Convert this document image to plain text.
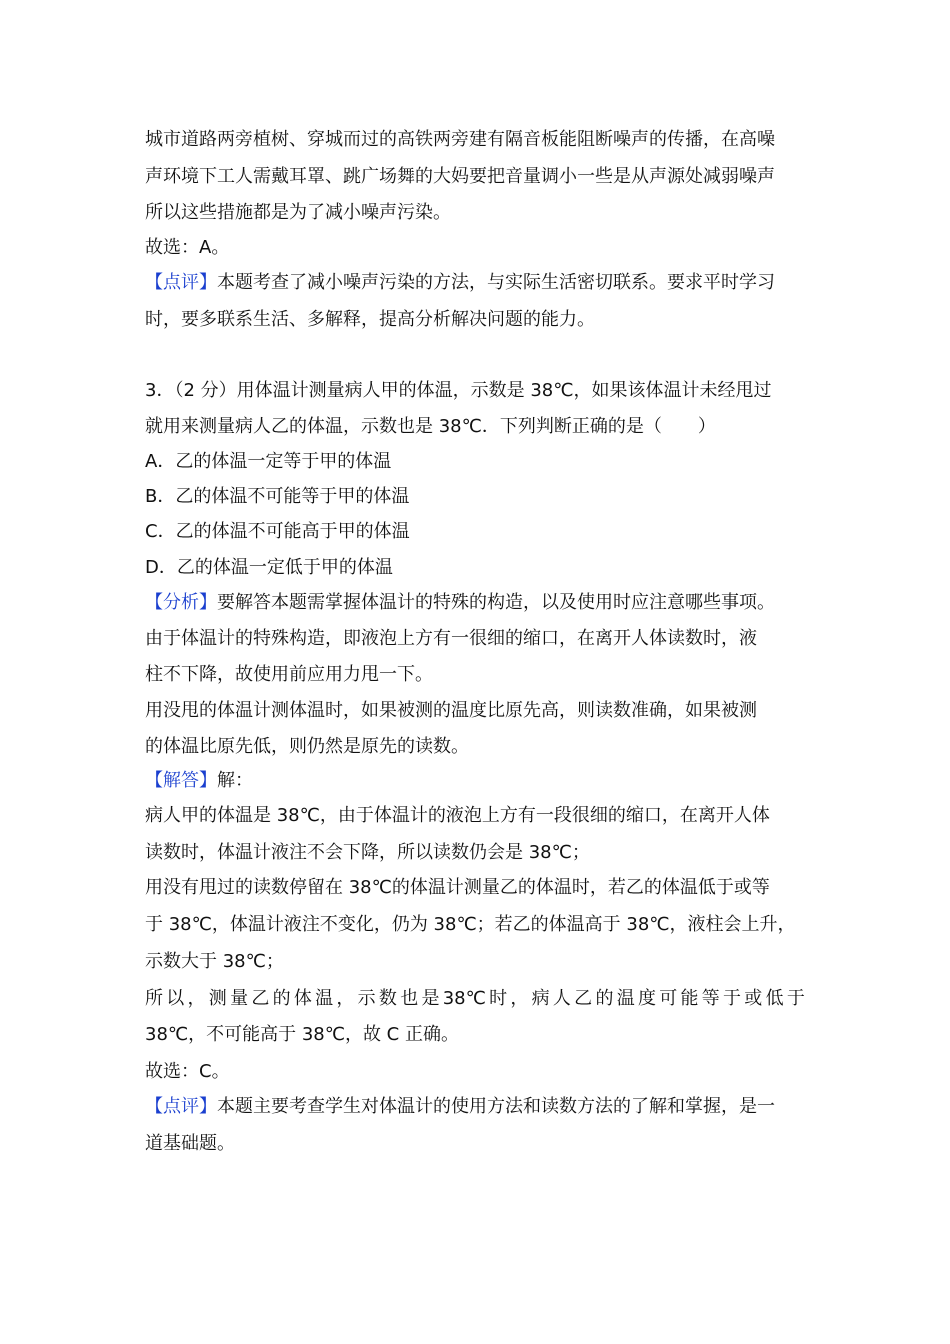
城市道路两旁植树、穿城而过的高铁两旁建有隔音板能阻断噪声的传播，在高噪
声环境下工人需戴耳罩、跳广场舞的大妈要把音量调小一些是从声源处减弱噪声
所以这些措施都是为了减小噪声污染。
故选：A。
【点评】本题考查了减小噪声污染的方法，与实际生活密切联系。要求平时学习
时，要多联系生活、多解释，提高分析解决问题的能力。
3．（2 分）用体温计测量病人甲的体温，示数是 38℃，如果该体温计未经甩过
就用来测量病人乙的体温，示数也是 38℃．下列判断正确的是（　　）
A．乙的体温一定等于甲的体温
B．乙的体温不可能等于甲的体温
C．乙的体温不可能高于甲的体温
D．乙的体温一定低于甲的体温
【分析】要解答本题需掌握体温计的特殊的构造，以及使用时应注意哪些事项。
由于体温计的特殊构造，即液泡上方有一很细的缩口，在离开人体读数时，液
柱不下降，故使用前应用力甩一下。
用没甩的体温计测体温时，如果被测的温度比原先高，则读数准确，如果被测
的体温比原先低，则仍然是原先的读数。
【解答】解：
病人甲的体温是 38℃，由于体温计的液泡上方有一段很细的缩口，在离开人体
读数时，体温计液注不会下降，所以读数仍会是 38℃；
用没有甩过的读数停留在 38℃的体温计测量乙的体温时，若乙的体温低于或等
于 38℃，体温计液注不变化，仍为 38℃；若乙的体温高于 38℃，液柱会上升，
示数大于 38℃；
所 以 ， 测 量 乙 的 体 温 ， 示 数 也 是 38℃ 时 ， 病 人 乙 的 温 度 可 能 等 于 或 低 于
38℃，不可能高于 38℃，故 C 正确。
故选：C。
【点评】本题主要考查学生对体温计的使用方法和读数方法的了解和掌握，是一
道基础题。
